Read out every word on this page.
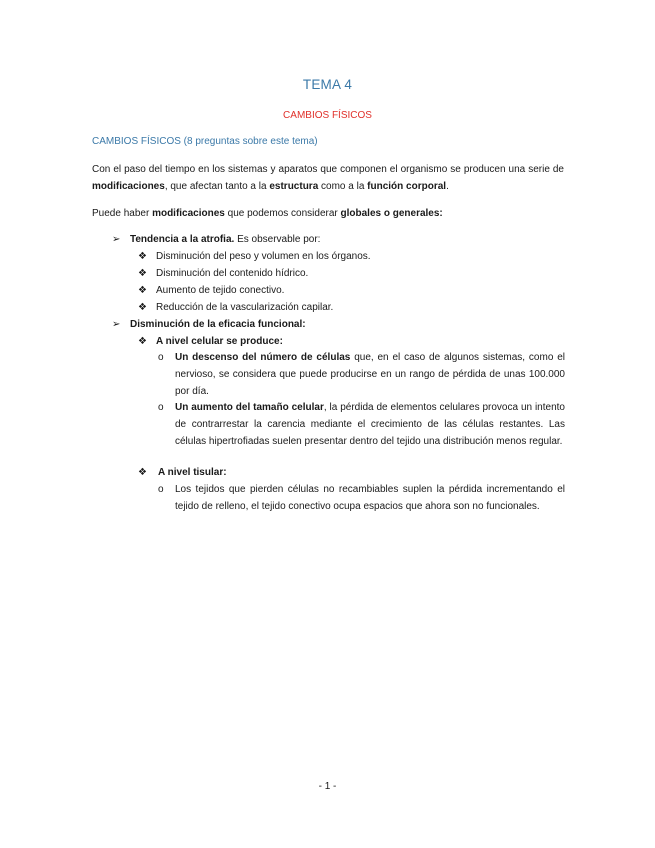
TEMA 4
CAMBIOS FÍSICOS
CAMBIOS FÍSICOS (8 preguntas sobre este tema)
Con el paso del tiempo en los sistemas y aparatos que componen el organismo se producen una serie de modificaciones, que afectan tanto a la estructura como a la función corporal.
Puede haber modificaciones que podemos considerar globales o generales:
➢ Tendencia a la atrofia. Es observable por:
❖ Disminución del peso y volumen en los órganos.
❖ Disminución del contenido hídrico.
❖ Aumento de tejido conectivo.
❖ Reducción de la vascularización capilar.
➢ Disminución de la eficacia funcional:
❖ A nivel celular se produce:
o Un descenso del número de células que, en el caso de algunos sistemas, como el nervioso, se considera que puede producirse en un rango de pérdida de unas 100.000 por día.
o Un aumento del tamaño celular, la pérdida de elementos celulares provoca un intento de contrarrestar la carencia mediante el crecimiento de las células restantes. Las células hipertrofiadas suelen presentar dentro del tejido una distribución menos regular.
❖ A nivel tisular:
o Los tejidos que pierden células no recambiables suplen la pérdida incrementando el tejido de relleno, el tejido conectivo ocupa espacios que ahora son no funcionales.
- 1 -
